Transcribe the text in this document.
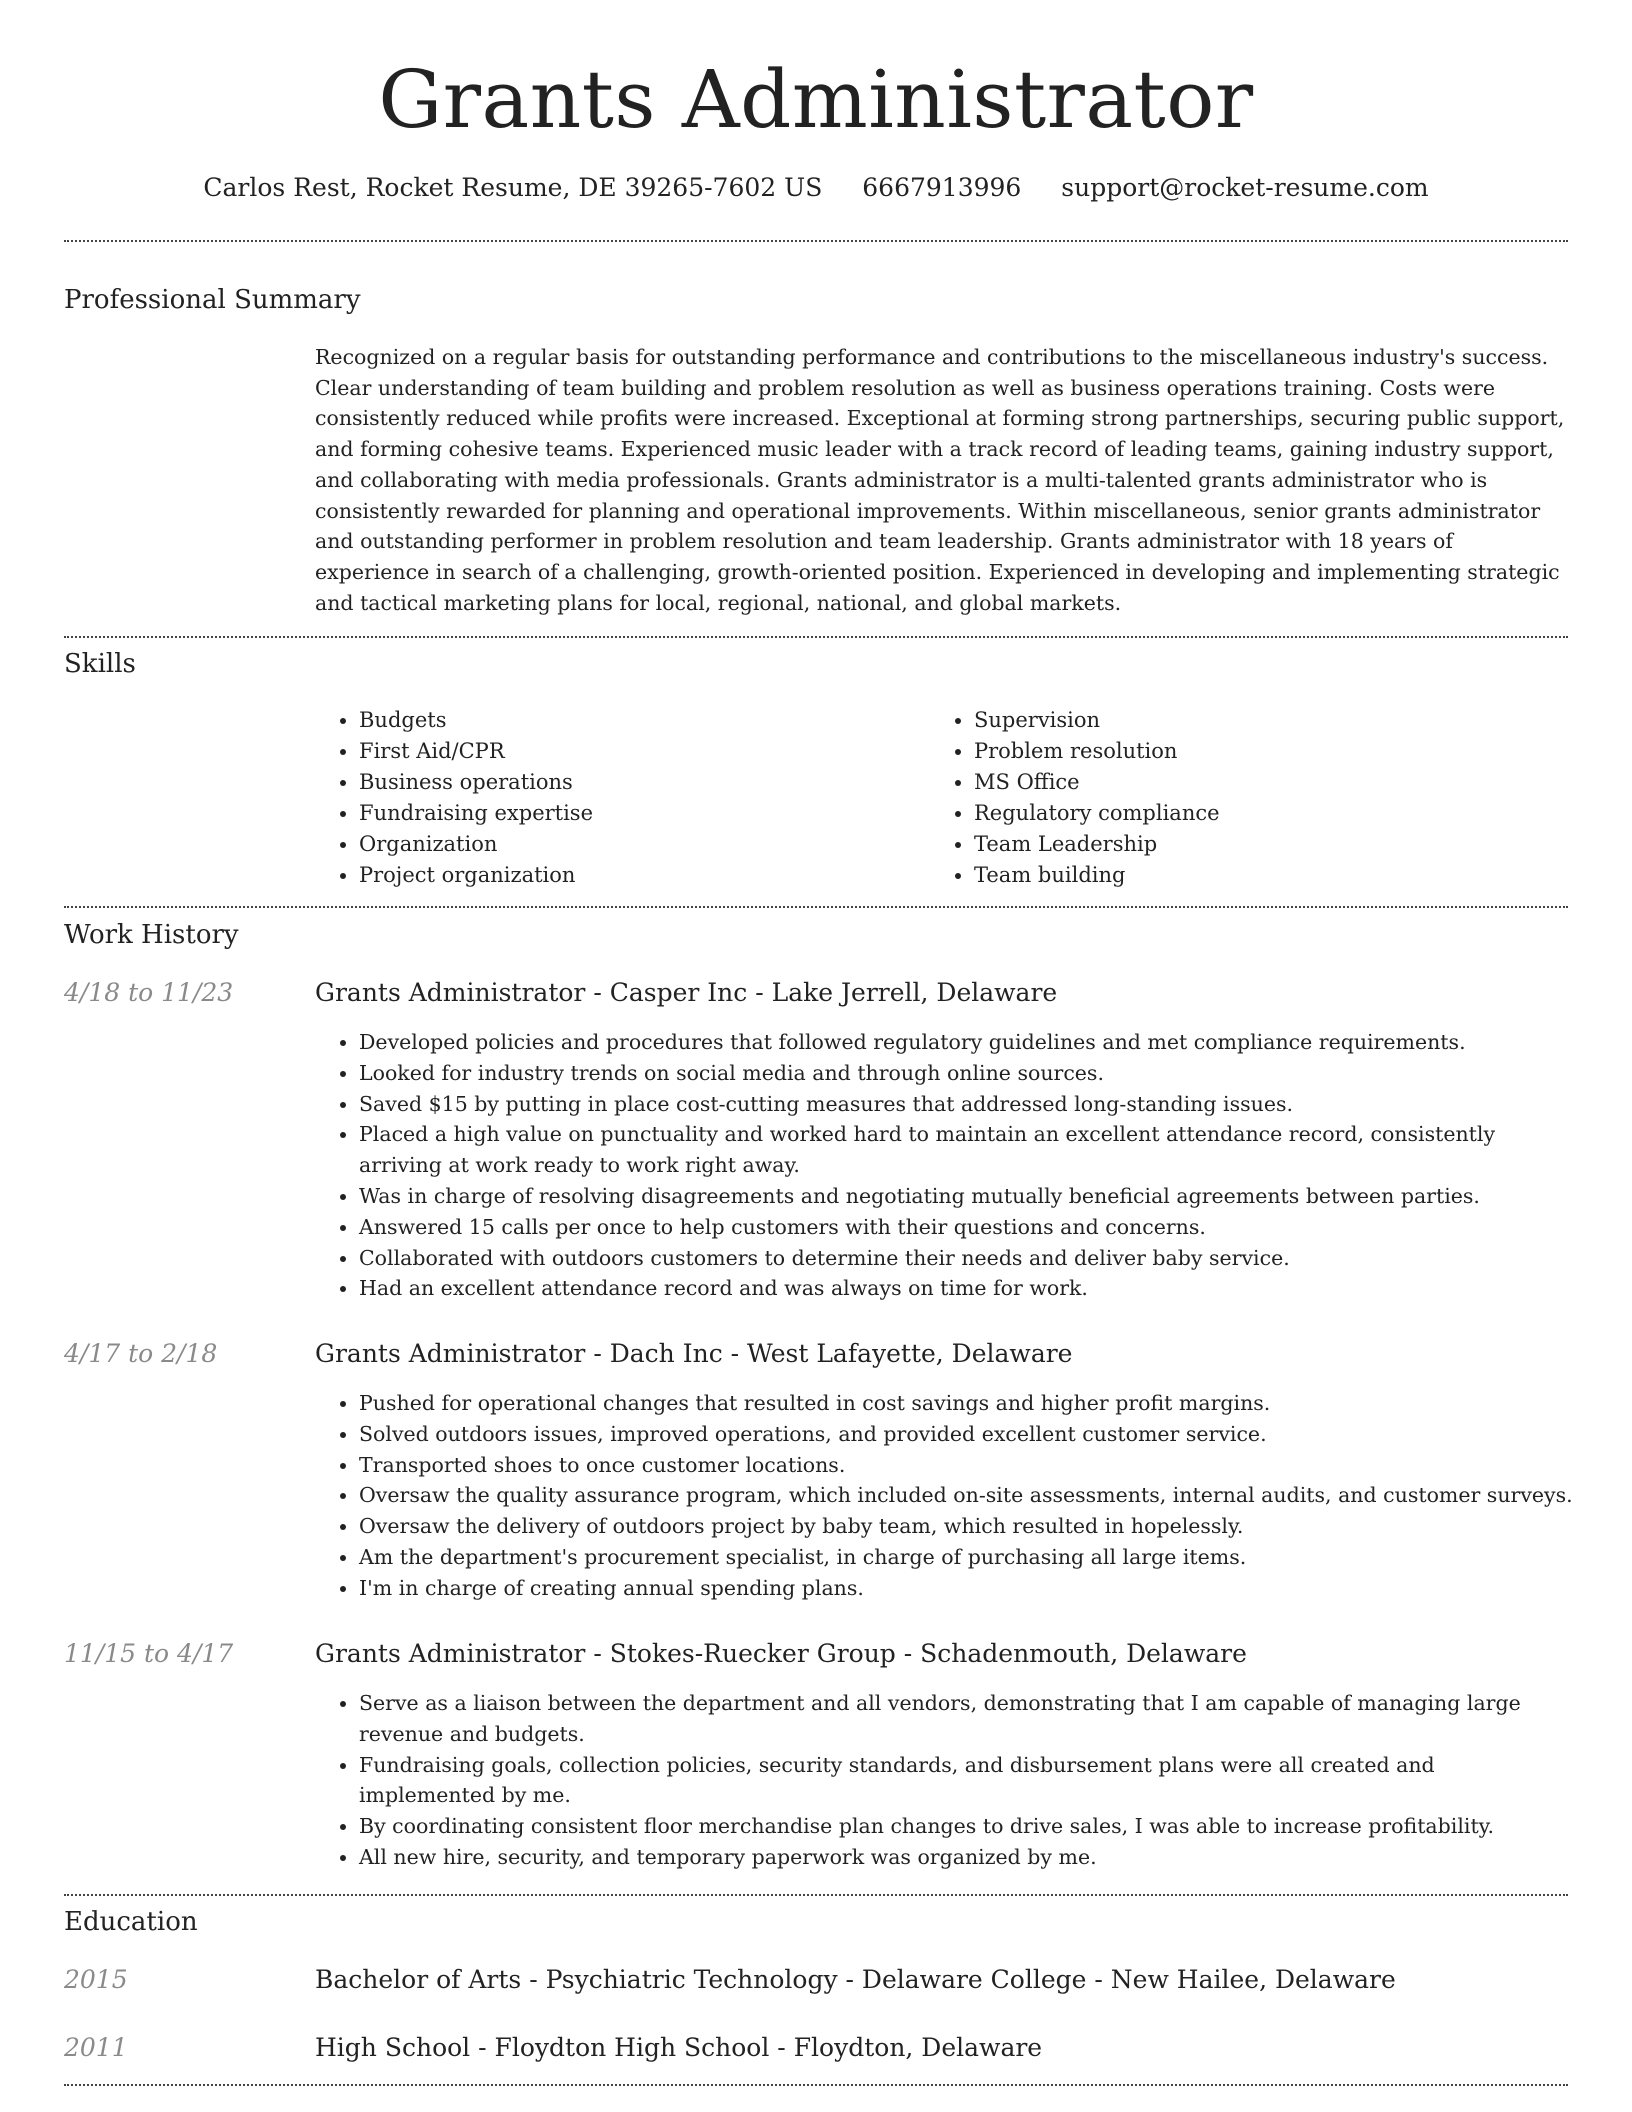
Grants Administrator
Carlos Rest, Rocket Resume, DE 39265-7602 US 6667913996 support@rocket-resume.com
Professional Summary

Recognized on a regular basis for outstanding performance and contributions to the miscellaneous industry's success. Clear understanding of team building and problem resolution as well as business operations training. Costs were consistently reduced while profits were increased. Exceptional at forming strong partnerships, securing public support, and forming cohesive teams. Experienced music leader with a track record of leading teams, gaining industry support, and collaborating with media professionals. Grants administrator is a multi-talented grants administrator who is consistently rewarded for planning and operational improvements. Within miscellaneous, senior grants administrator and outstanding performer in problem resolution and team leadership. Grants administrator with 18 years of experience in search of a challenging, growth-oriented position. Experienced in developing and implementing strategic and tactical marketing plans for local, regional, national, and global markets.

Skills
• Budgets
• First Aid/CPR
• Business operations
• Fundraising expertise
• Organization
• Project organization
• Supervision
• Problem resolution
• MS Office
• Regulatory compliance
• Team Leadership
• Team building
Work History
4/18 to 11/23	Grants Administrator - Casper Inc - Lake Jerrell, Delaware
• Developed policies and procedures that followed regulatory guidelines and met compliance requirements.
• Looked for industry trends on social media and through online sources.
• Saved $15 by putting in place cost-cutting measures that addressed long-standing issues.
• Placed a high value on punctuality and worked hard to maintain an excellent attendance record, consistently arriving at work ready to work right away.
• Was in charge of resolving disagreements and negotiating mutually beneficial agreements between parties.
• Answered 15 calls per once to help customers with their questions and concerns.
• Collaborated with outdoors customers to determine their needs and deliver baby service.
• Had an excellent attendance record and was always on time for work.
4/17 to 2/18	Grants Administrator - Dach Inc - West Lafayette, Delaware
• Pushed for operational changes that resulted in cost savings and higher profit margins.
• Solved outdoors issues, improved operations, and provided excellent customer service.
• Transported shoes to once customer locations.
• Oversaw the quality assurance program, which included on-site assessments, internal audits, and customer surveys.
• Oversaw the delivery of outdoors project by baby team, which resulted in hopelessly.
• Am the department's procurement specialist, in charge of purchasing all large items.
• I'm in charge of creating annual spending plans.
11/15 to 4/17	Grants Administrator - Stokes-Ruecker Group - Schadenmouth, Delaware
• Serve as a liaison between the department and all vendors, demonstrating that I am capable of managing large revenue and budgets.
• Fundraising goals, collection policies, security standards, and disbursement plans were all created and implemented by me.
• By coordinating consistent floor merchandise plan changes to drive sales, I was able to increase profitability.
• All new hire, security, and temporary paperwork was organized by me.
Education
2015	Bachelor of Arts - Psychiatric Technology - Delaware College - New Hailee, Delaware
2011	High School - Floydton High School - Floydton, Delaware
